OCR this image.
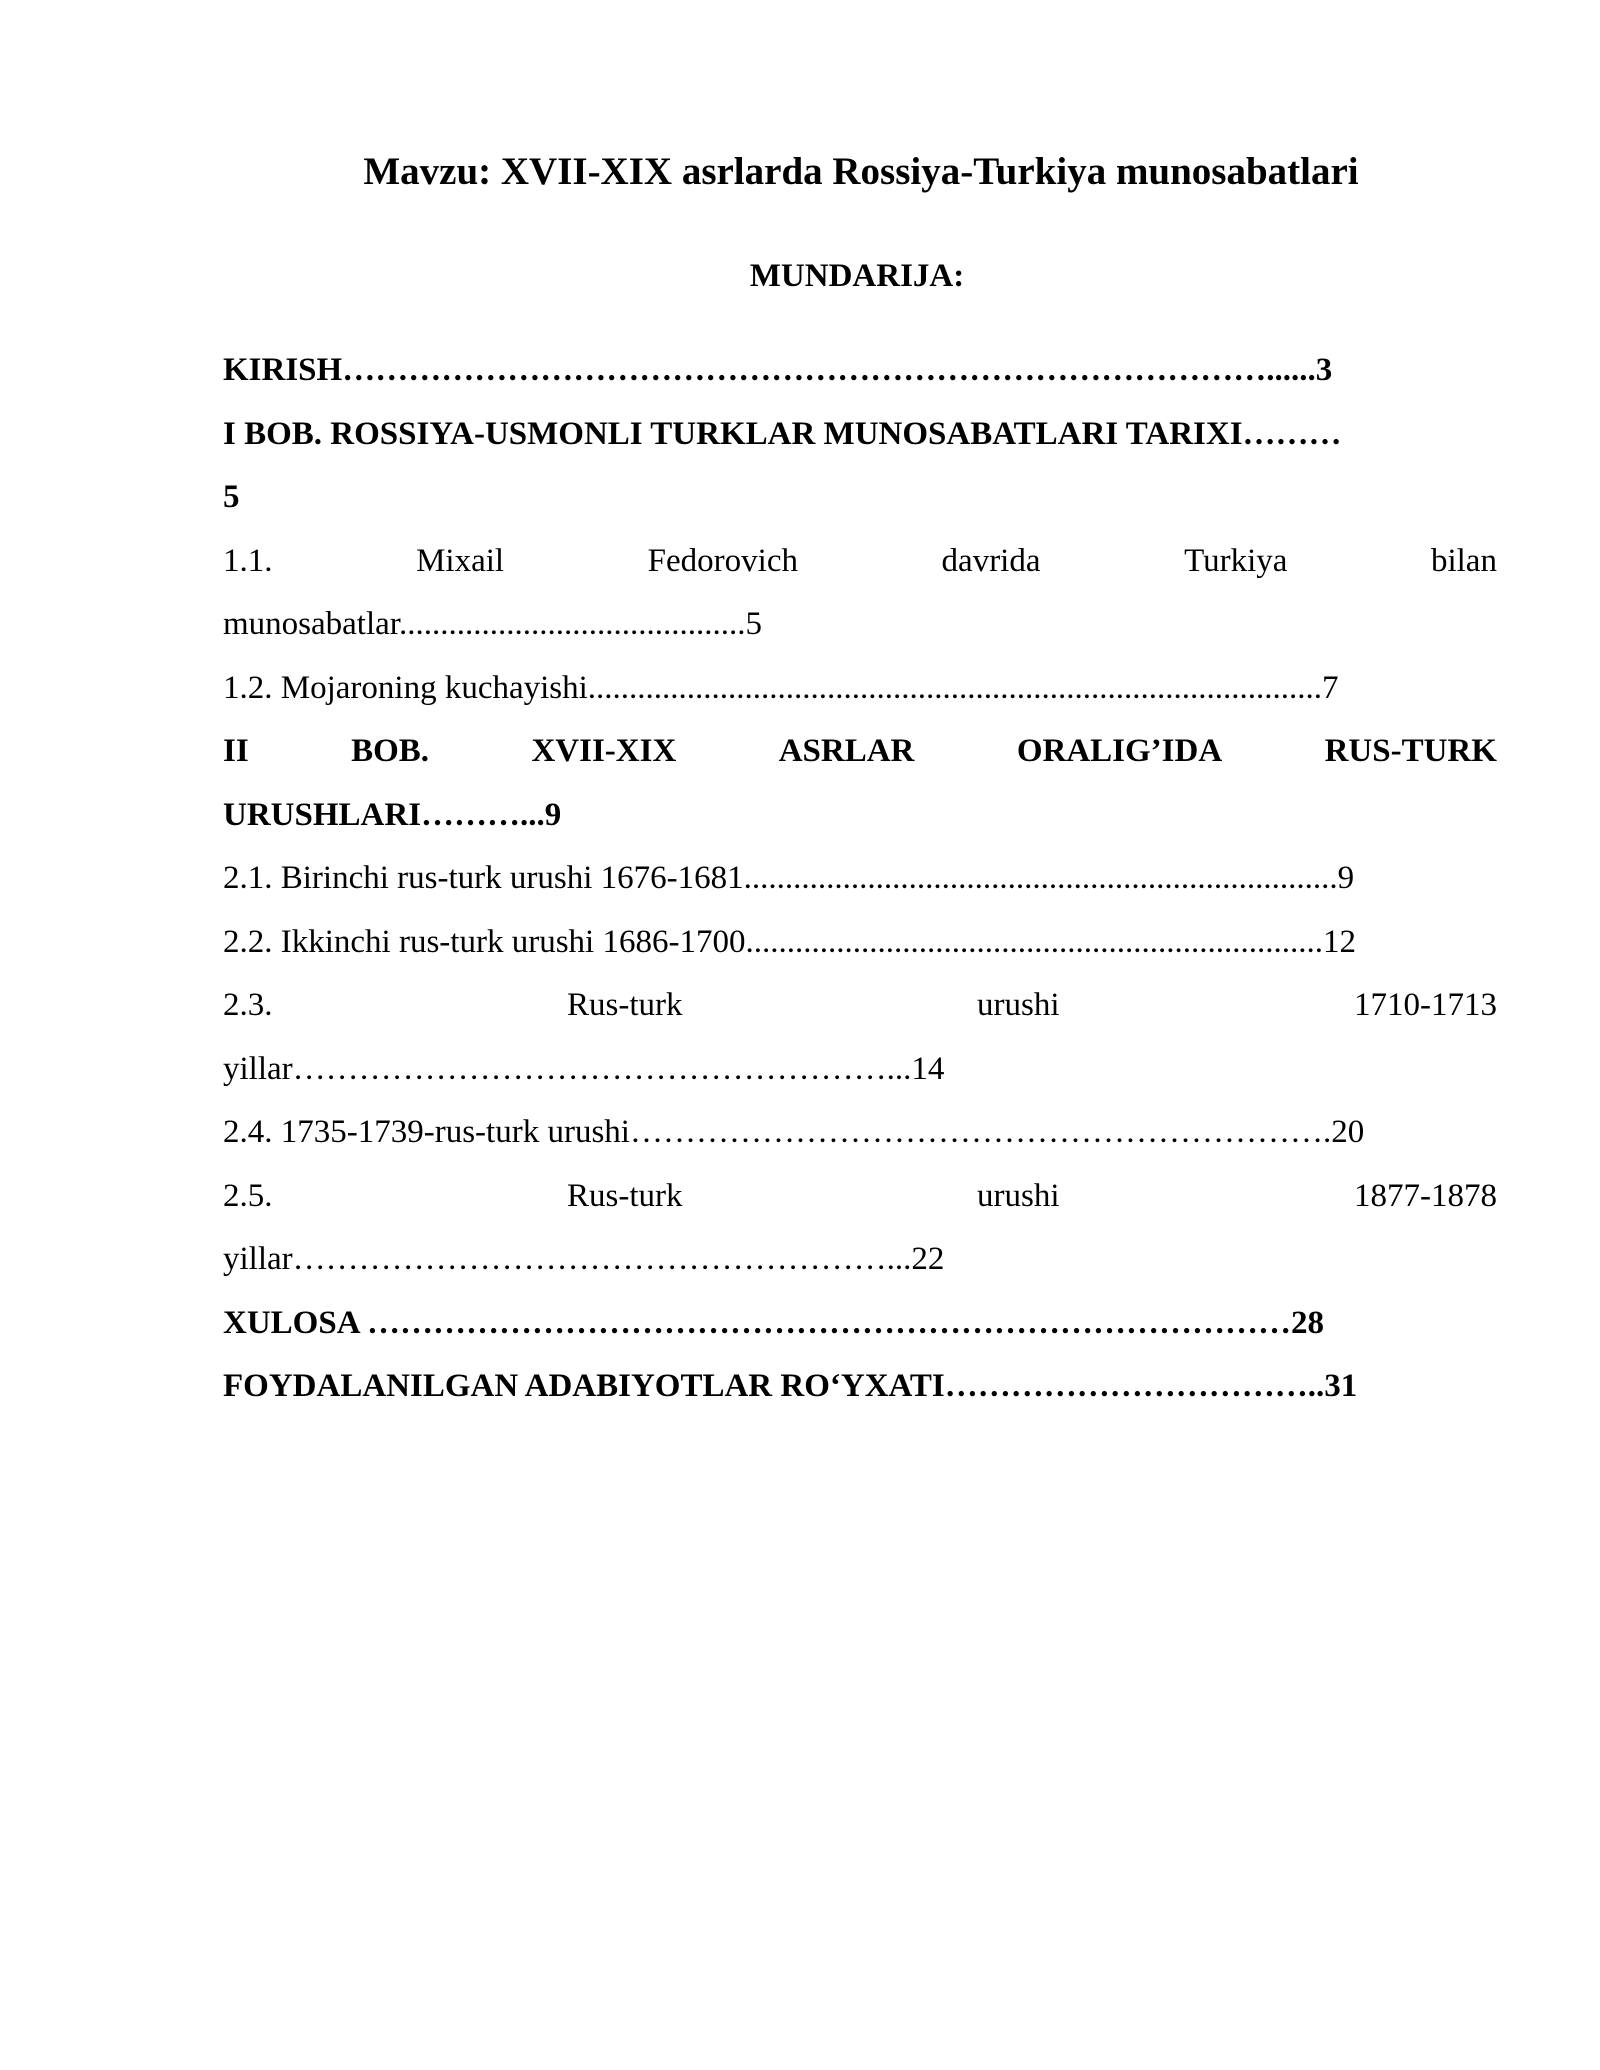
Mavzu: XVII-XIX asrlarda Rossiya-Turkiya munosabatlari
MUNDARIJA:
KIRISH…………………………………………………………………………......3
I BOB. ROSSIYA-USMONLI TURKLAR MUNOSABATLARI TARIXI………
5
1.1.	Mixail	Fedorovich	davrida	Turkiya	bilan
munosabatlar..........................................5
1.2. Mojaroning kuchayishi.........................................................................................7
II	BOB.	XVII-XIX	ASRLAR	ORALIG’IDA	RUS-TURK
URUSHLARI………...9
2.1. Birinchi rus-turk urushi 1676-1681........................................................................9
2.2. Ikkinchi rus-turk urushi 1686-1700......................................................................12
2.3.	Rus-turk	urushi	1710-1713
yillar………………………………………………...14
2.4. 1735-1739-rus-turk urushi……………………………………………………….20
2.5.	Rus-turk	urushi	1877-1878
yillar………………………………………………...22
XULOSA …………………………………………………………………………28
FOYDALANILGAN ADABIYOTLAR RO‘YXATI……………………………..31
